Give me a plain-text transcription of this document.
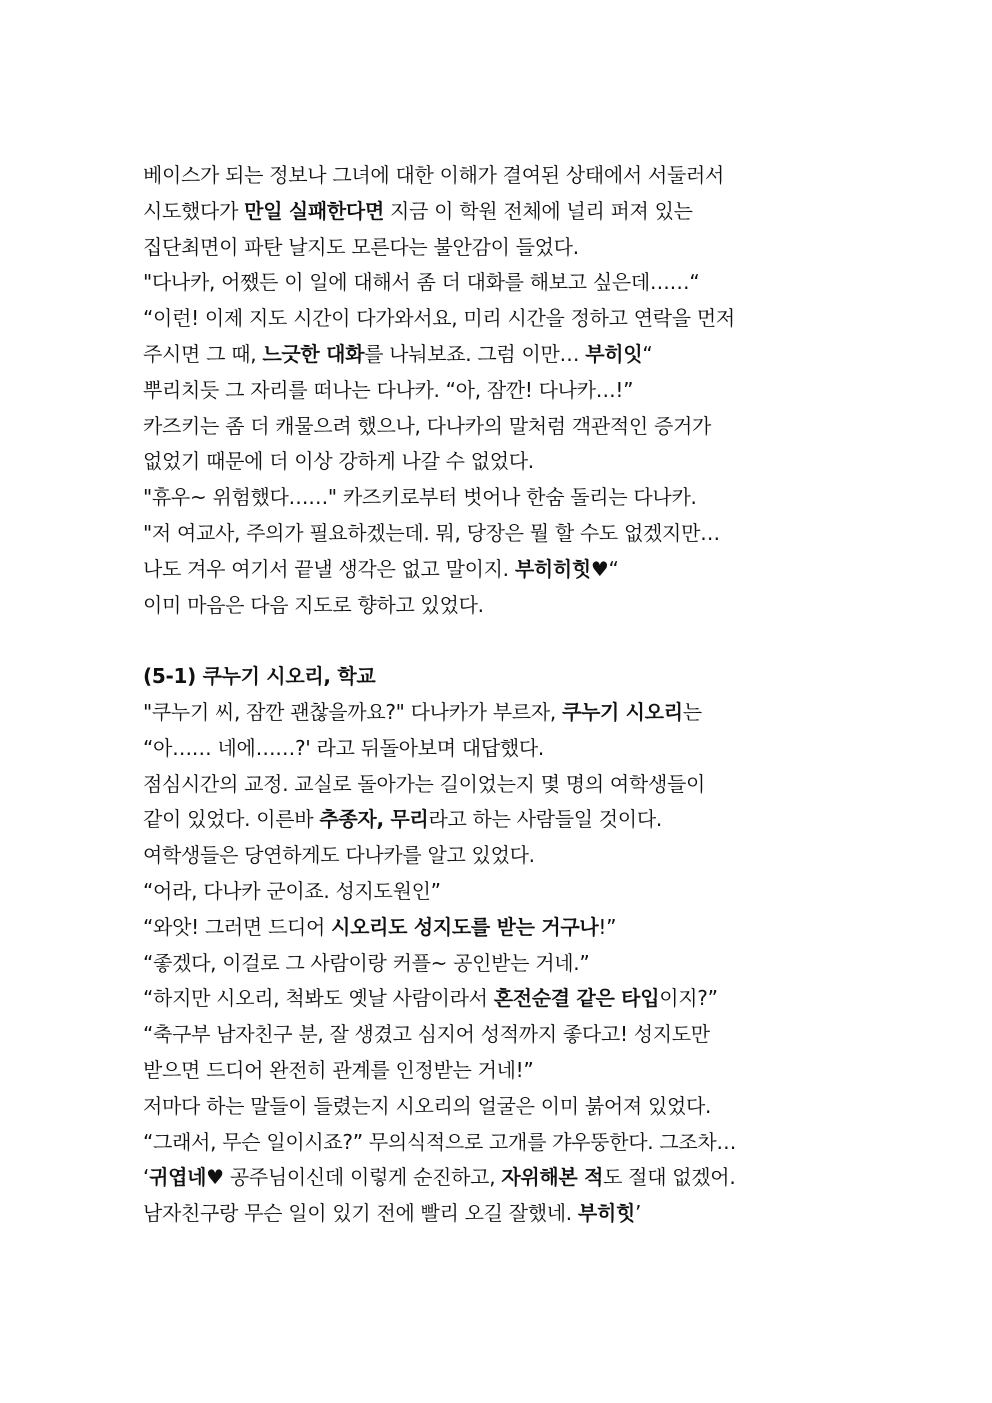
베이스가 되는 정보나 그녀에 대한 이해가 결여된 상태에서 서둘러서
시도했다가 만일 실패한다면 지금 이 학원 전체에 널리 퍼져 있는
집단최면이 파탄 날지도 모른다는 불안감이 들었다.
"다나카, 어쨌든 이 일에 대해서 좀 더 대화를 해보고 싶은데……“
“이런! 이제 지도 시간이 다가와서요, 미리 시간을 정하고 연락을 먼저
주시면 그 때, 느긋한 대화를 나눠보죠. 그럼 이만… 부히잇“
뿌리치듯 그 자리를 떠나는 다나카. “아, 잠깐! 다나카…!”
카즈키는 좀 더 캐물으려 했으나, 다나카의 말처럼 객관적인 증거가
없었기 때문에 더 이상 강하게 나갈 수 없었다.
"휴우~ 위험했다……" 카즈키로부터 벗어나 한숨 돌리는 다나카.
"저 여교사, 주의가 필요하겠는데. 뭐, 당장은 뭘 할 수도 없겠지만…
나도 겨우 여기서 끝낼 생각은 없고 말이지. 부히히힛♥“
이미 마음은 다음 지도로 향하고 있었다.
(5-1) 쿠누기 시오리, 학교
"쿠누기 씨, 잠깐 괜찮을까요?" 다나카가 부르자, 쿠누기 시오리는
“아…… 네에……?' 라고 뒤돌아보며 대답했다.
점심시간의 교정. 교실로 돌아가는 길이었는지 몇 명의 여학생들이
같이 있었다. 이른바 추종자, 무리라고 하는 사람들일 것이다.
여학생들은 당연하게도 다나카를 알고 있었다.
“어라, 다나카 군이죠. 성지도원인”
“와앗! 그러면 드디어 시오리도 성지도를 받는 거구나!”
“좋겠다, 이걸로 그 사람이랑 커플~ 공인받는 거네.”
“하지만 시오리, 척봐도 옛날 사람이라서 혼전순결 같은 타입이지?”
“축구부 남자친구 분, 잘 생겼고 심지어 성적까지 좋다고! 성지도만
받으면 드디어 완전히 관계를 인정받는 거네!”
저마다 하는 말들이 들렸는지 시오리의 얼굴은 이미 붉어져 있었다.
“그래서, 무슨 일이시죠?” 무의식적으로 고개를 갸우뚱한다. 그조차…
‘귀엽네♥ 공주님이신데 이렇게 순진하고, 자위해본 적도 절대 없겠어.
남자친구랑 무슨 일이 있기 전에 빨리 오길 잘했네. 부히힛’
